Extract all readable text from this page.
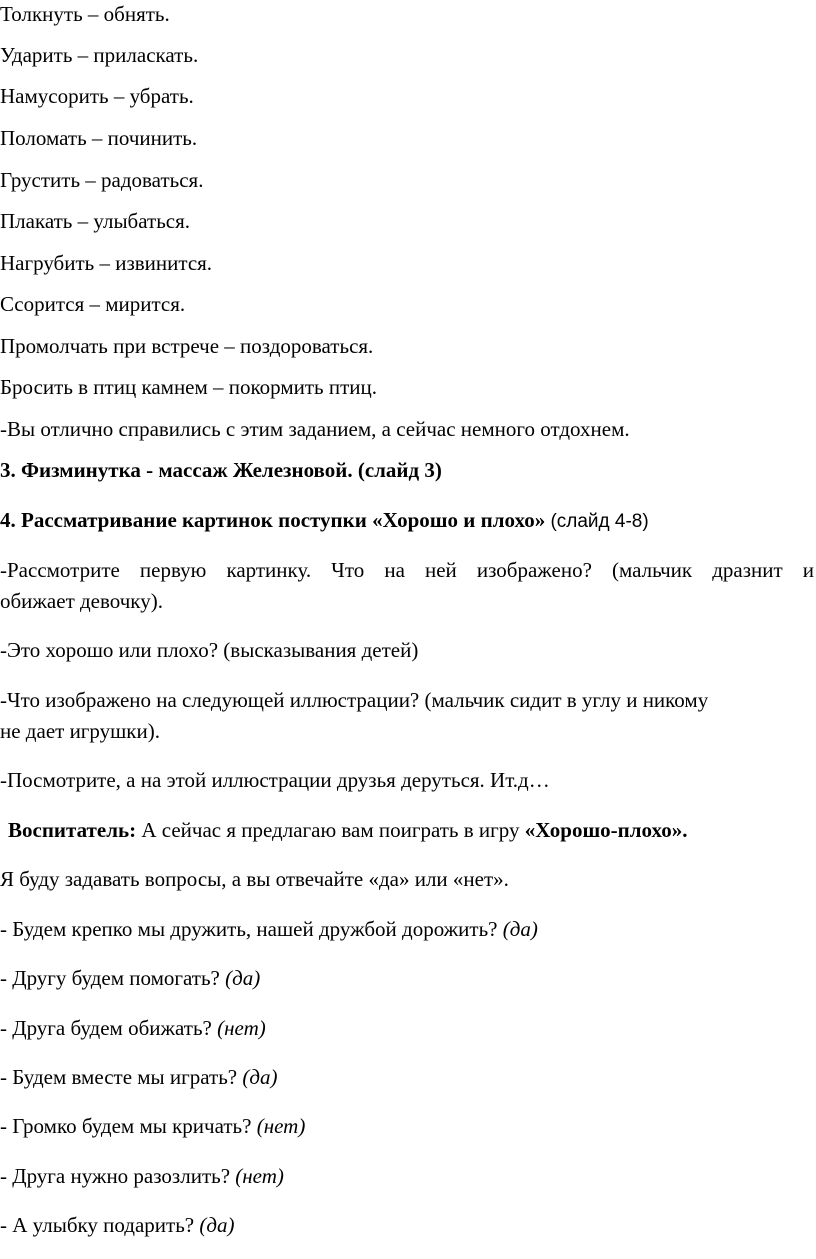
Толкнуть – обнять.
Ударить – приласкать.
Намусорить – убрать.
Поломать – починить.
Грустить – радоваться.
Плакать – улыбаться.
Нагрубить – извинится.
Ссорится – мирится.
Промолчать при встрече – поздороваться.
Бросить в птиц камнем – покормить птиц.
-Вы отлично справились с этим заданием, а сейчас немного отдохнем.
3. Физминутка - массаж Железновой. (слайд 3)
4. Рассматривание картинок поступки «Хорошо и плохо» (слайд 4-8)
-Рассмотрите первую картинку. Что на ней изображено? (мальчик дразнит и
обижает девочку).
-Это хорошо или плохо? (высказывания детей)
-Что изображено на следующей иллюстрации? (мальчик сидит в углу и никому
не дает игрушки).
-Посмотрите, а на этой иллюстрации друзья деруться. Ит.д…
Воспитатель: А сейчас я предлагаю вам поиграть в игру «Хорошо-плохо».
Я буду задавать вопросы, а вы отвечайте «да» или «нет».
- Будем крепко мы дружить, нашей дружбой дорожить? (да)
- Другу будем помогать? (да)
- Друга будем обижать? (нет)
- Будем вместе мы играть? (да)
- Громко будем мы кричать? (нет)
- Друга нужно разозлить? (нет)
- А улыбку подарить? (да)
